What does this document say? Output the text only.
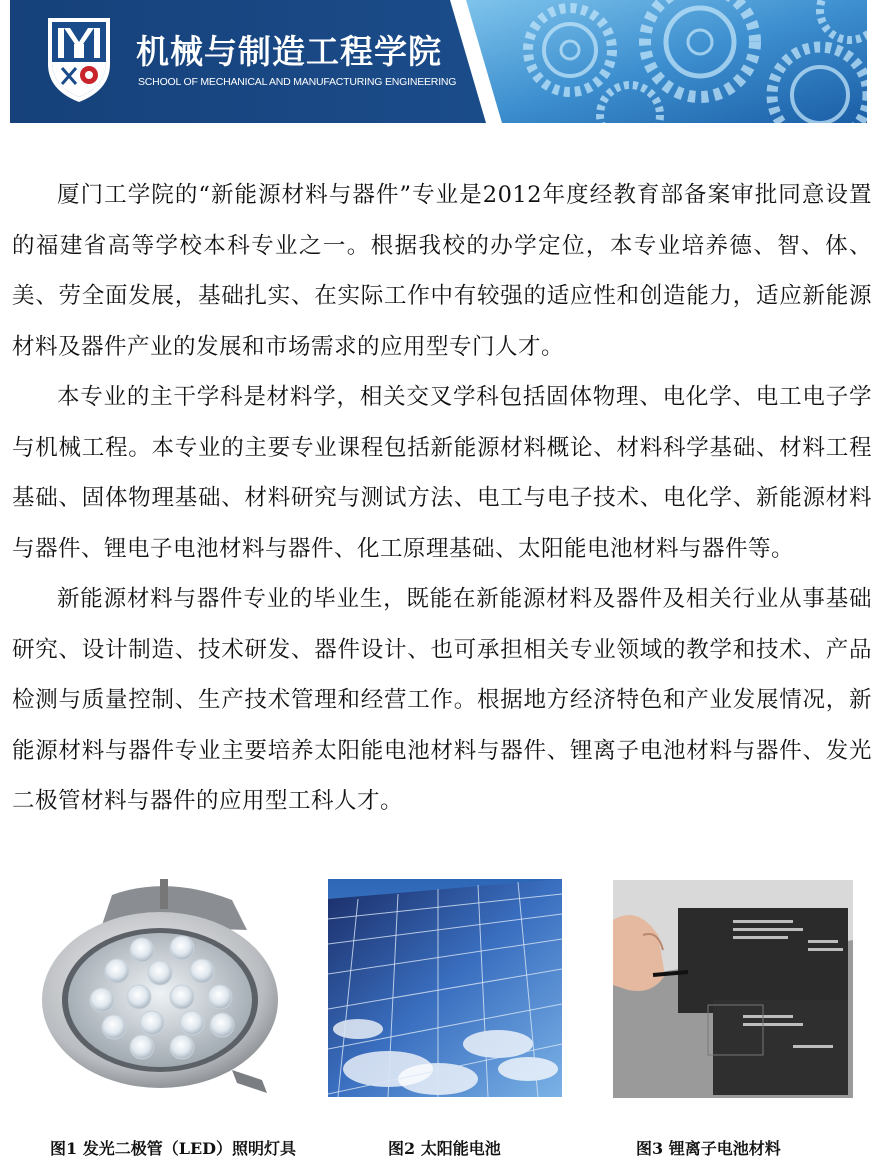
机械与制造工程学院
SCHOOL OF MECHANICAL AND MANUFACTURING ENGINEERING

厦门工学院的“新能源材料与器件”专业是2012年度经教育部备案审批同意设置的福建省高等学校本科专业之一。根据我校的办学定位，本专业培养德、智、体、美、劳全面发展，基础扎实、在实际工作中有较强的适应性和创造能力，适应新能源材料及器件产业的发展和市场需求的应用型专门人才。

本专业的主干学科是材料学，相关交叉学科包括固体物理、电化学、电工电子学与机械工程。本专业的主要专业课程包括新能源材料概论、材料科学基础、材料工程基础、固体物理基础、材料研究与测试方法、电工与电子技术、电化学、新能源材料与器件、锂电子电池材料与器件、化工原理基础、太阳能电池材料与器件等。

新能源材料与器件专业的毕业生，既能在新能源材料及器件及相关行业从事基础研究、设计制造、技术研发、器件设计、也可承担相关专业领域的教学和技术、产品检测与质量控制、生产技术管理和经营工作。根据地方经济特色和产业发展情况，新能源材料与器件专业主要培养太阳能电池材料与器件、锂离子电池材料与器件、发光二极管材料与器件的应用型工科人才。

图1 发光二极管（LED）照明灯具	图2 太阳能电池	图3 锂离子电池材料
